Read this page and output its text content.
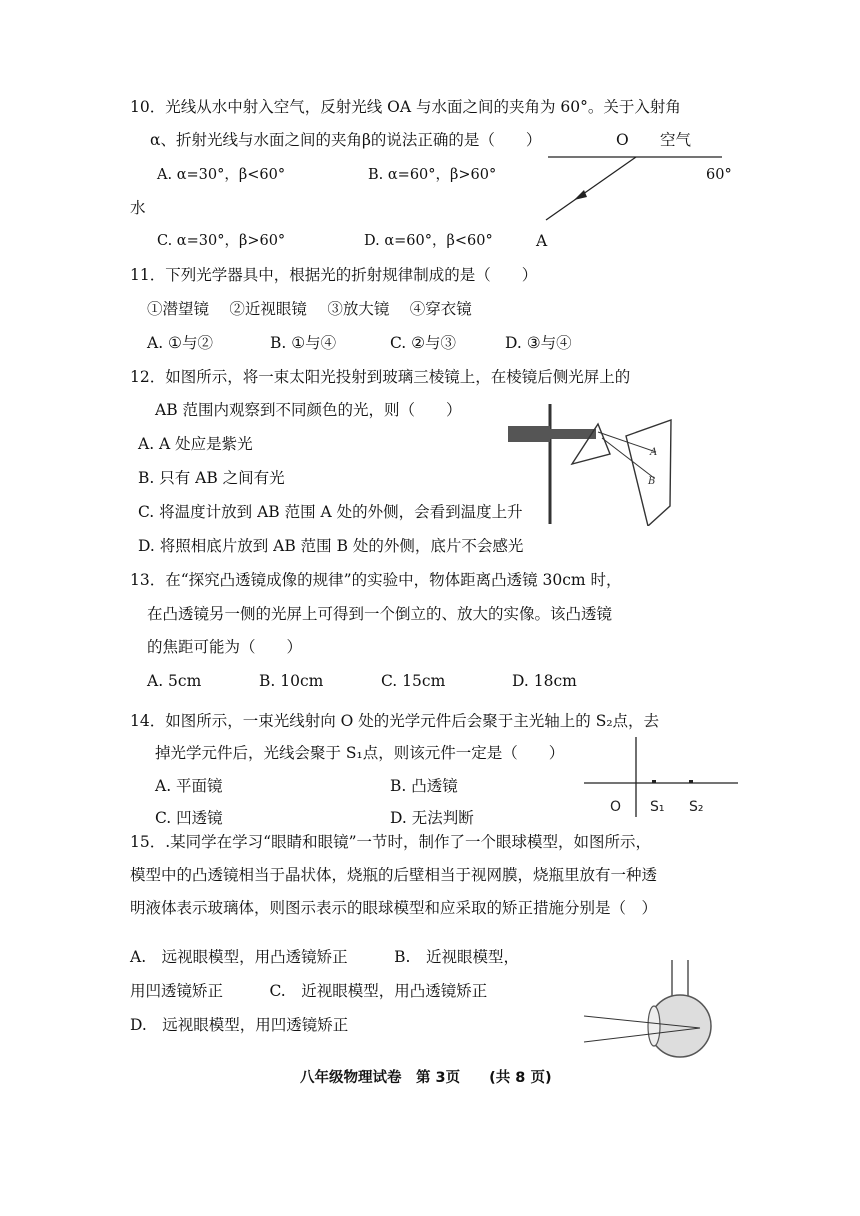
10．光线从水中射入空气，反射光线 OA 与水面之间的夹角为 60°。关于入射角
α、折射光线与水面之间的夹角β的说法正确的是（　　）	O 空气
A. α=30°，β<60°	B. α=60°，β>60°	60°
水
C. α=30°，β>60°	D. α=60°，β<60°	A
11．下列光学器具中，根据光的折射规律制成的是（　　）
①潜望镜　 ②近视眼镜　 ③放大镜　 ④穿衣镜
A. ①与②	B. ①与④	C. ②与③	D. ③与④
12．如图所示，将一束太阳光投射到玻璃三棱镜上，在棱镜后侧光屏上的
AB 范围内观察到不同颜色的光，则（　　）
A. A 处应是紫光
B. 只有 AB 之间有光
C. 将温度计放到 AB 范围 A 处的外侧，会看到温度上升
D. 将照相底片放到 AB 范围 B 处的外侧，底片不会感光
A
B
13．在“探究凸透镜成像的规律”的实验中，物体距离凸透镜 30cm 时，
在凸透镜另一侧的光屏上可得到一个倒立的、放大的实像。该凸透镜
的焦距可能为（　　）
A. 5cm	B. 10cm	C. 15cm	D. 18cm
14．如图所示，一束光线射向 O 处的光学元件后会聚于主光轴上的 S₂点，去
掉光学元件后，光线会聚于 S₁点，则该元件一定是（　　）
A. 平面镜	B. 凸透镜
C. 凹透镜	D. 无法判断
O S₁ S₂
15．.某同学在学习“眼睛和眼镜”一节时，制作了一个眼球模型，如图所示，
模型中的凸透镜相当于晶状体，烧瓶的后壁相当于视网膜，烧瓶里放有一种透
明液体表示玻璃体，则图示表示的眼球模型和应采取的矫正措施分别是（　）
A.　远视眼模型，用凸透镜矫正　　　B.　近视眼模型，
用凹透镜矫正　　　C.　近视眼模型，用凸透镜矫正
D.　远视眼模型，用凹透镜矫正
八年级物理试卷　第 3页　　(共 8 页)
